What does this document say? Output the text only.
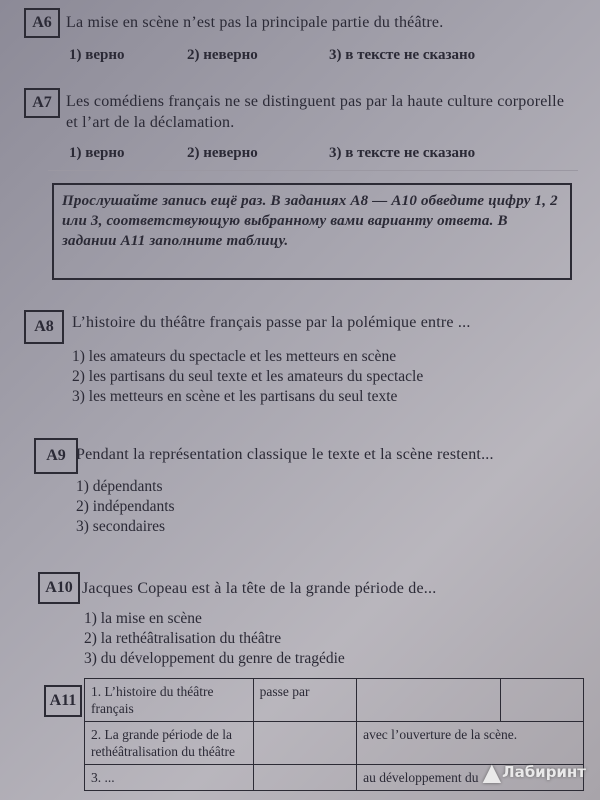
A6 La mise en scène n’est pas la principale partie du théâtre.

1) верно	2) неверно	3) в тексте не сказано
A7 Les comédiens français ne se distinguent pas par la haute culture corporelle et l’art de la déclamation.

1) верно	2) неверно	3) в тексте не сказано
Прослушайте запись ещё раз. В заданиях А8 — А10 обведите цифру 1, 2 или 3, соответствующую выбранному вами варианту ответа. В задании А11 заполните таблицу.
A8	L’histoire du théâtre français passe par la polémique entre ...

1) les amateurs du spectacle et les metteurs en scène
2) les partisans du seul texte et les amateurs du spectacle
3) les metteurs en scène et les partisans du seul texte
A9 Pendant la représentation classique le texte et la scène restent...

1) dépendants
2) indépendants
3) secondaires
A10 Jacques Copeau est à la tête de la grande période de...

1) la mise en scène
2) la rethéâtralisation du théâtre
3) du développement du genre de tragédie
A11
1. L’histoire du théâtre français	passe par		
2. La grande période de la rethéâtralisation du théâtre		avec l’ouverture de la scène.	
3. ...		au développement du	▲Лабиринт
